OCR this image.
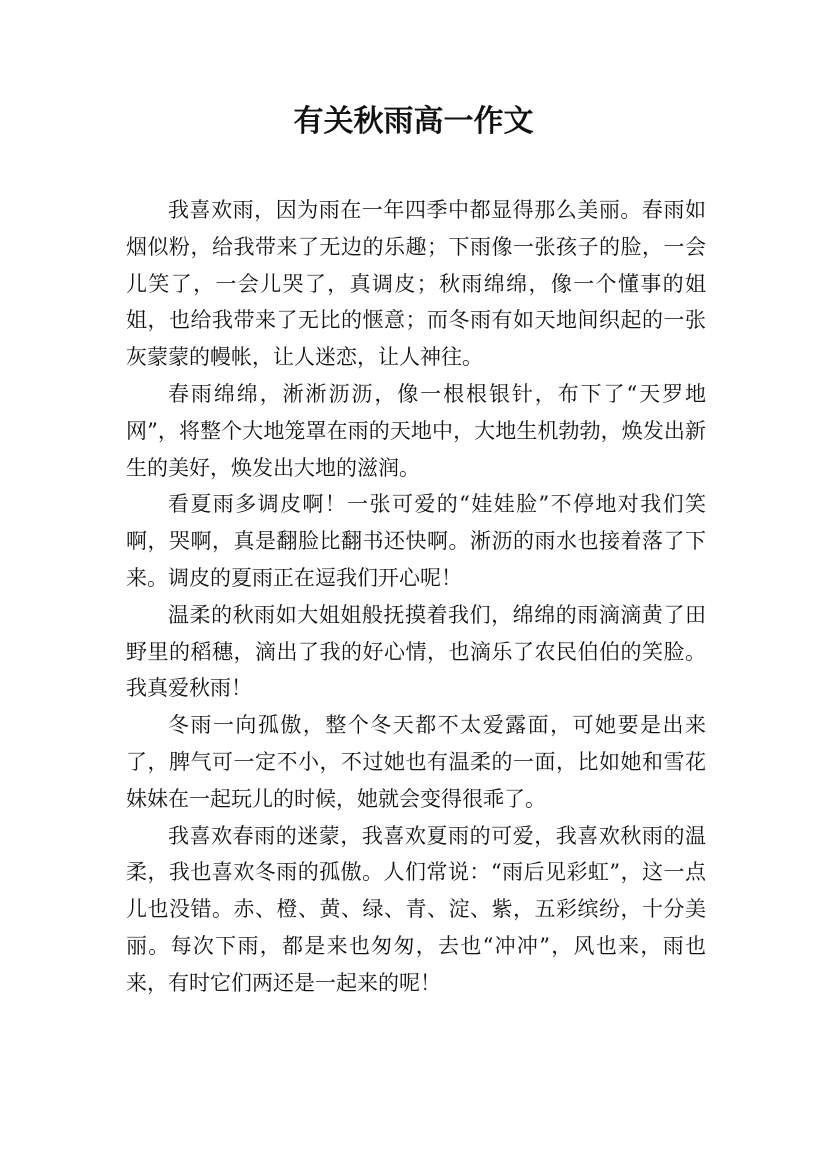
有关秋雨高一作文

我喜欢雨，因为雨在一年四季中都显得那么美丽。春雨如烟似粉，给我带来了无边的乐趣；下雨像一张孩子的脸，一会儿笑了，一会儿哭了，真调皮；秋雨绵绵，像一个懂事的姐姐，也给我带来了无比的惬意；而冬雨有如天地间织起的一张灰蒙蒙的幔帐，让人迷恋，让人神往。

春雨绵绵，淅淅沥沥，像一根根银针，布下了“天罗地网”，将整个大地笼罩在雨的天地中，大地生机勃勃，焕发出新生的美好，焕发出大地的滋润。

看夏雨多调皮啊！一张可爱的“娃娃脸”不停地对我们笑啊，哭啊，真是翻脸比翻书还快啊。淅沥的雨水也接着落了下来。调皮的夏雨正在逗我们开心呢！

温柔的秋雨如大姐姐般抚摸着我们，绵绵的雨滴滴黄了田野里的稻穗，滴出了我的好心情，也滴乐了农民伯伯的笑脸。我真爱秋雨！

冬雨一向孤傲，整个冬天都不太爱露面，可她要是出来了，脾气可一定不小，不过她也有温柔的一面，比如她和雪花妹妹在一起玩儿的时候，她就会变得很乖了。

我喜欢春雨的迷蒙，我喜欢夏雨的可爱，我喜欢秋雨的温柔，我也喜欢冬雨的孤傲。人们常说：“雨后见彩虹”，这一点儿也没错。赤、橙、黄、绿、青、淀、紫，五彩缤纷，十分美丽。每次下雨，都是来也匆匆，去也“冲冲”，风也来，雨也来，有时它们两还是一起来的呢！
